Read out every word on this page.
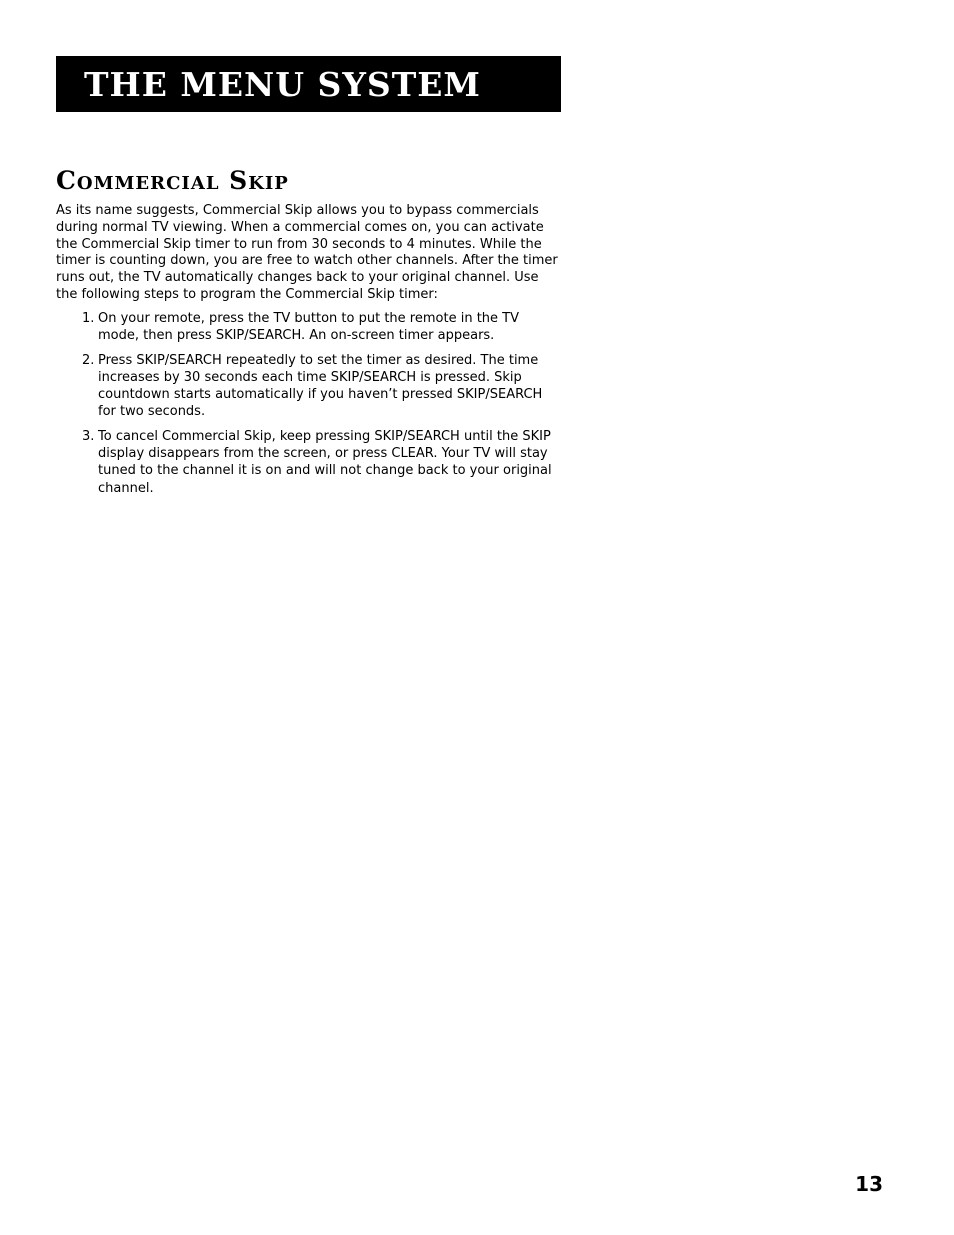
THE MENU SYSTEM
Commercial Skip

As its name suggests, Commercial Skip allows you to bypass commercials during normal TV viewing. When a commercial comes on, you can activate the Commercial Skip timer to run from 30 seconds to 4 minutes. While the timer is counting down, you are free to watch other channels. After the timer runs out, the TV automatically changes back to your original channel. Use the following steps to program the Commercial Skip timer:

1. On your remote, press the TV button to put the remote in the TV mode, then press SKIP/SEARCH. An on-screen timer appears.
2. Press SKIP/SEARCH repeatedly to set the timer as desired. The time increases by 30 seconds each time SKIP/SEARCH is pressed. Skip countdown starts automatically if you haven’t pressed SKIP/SEARCH for two seconds.
3. To cancel Commercial Skip, keep pressing SKIP/SEARCH until the SKIP display disappears from the screen, or press CLEAR. Your TV will stay tuned to the channel it is on and will not change back to your original channel.
13
